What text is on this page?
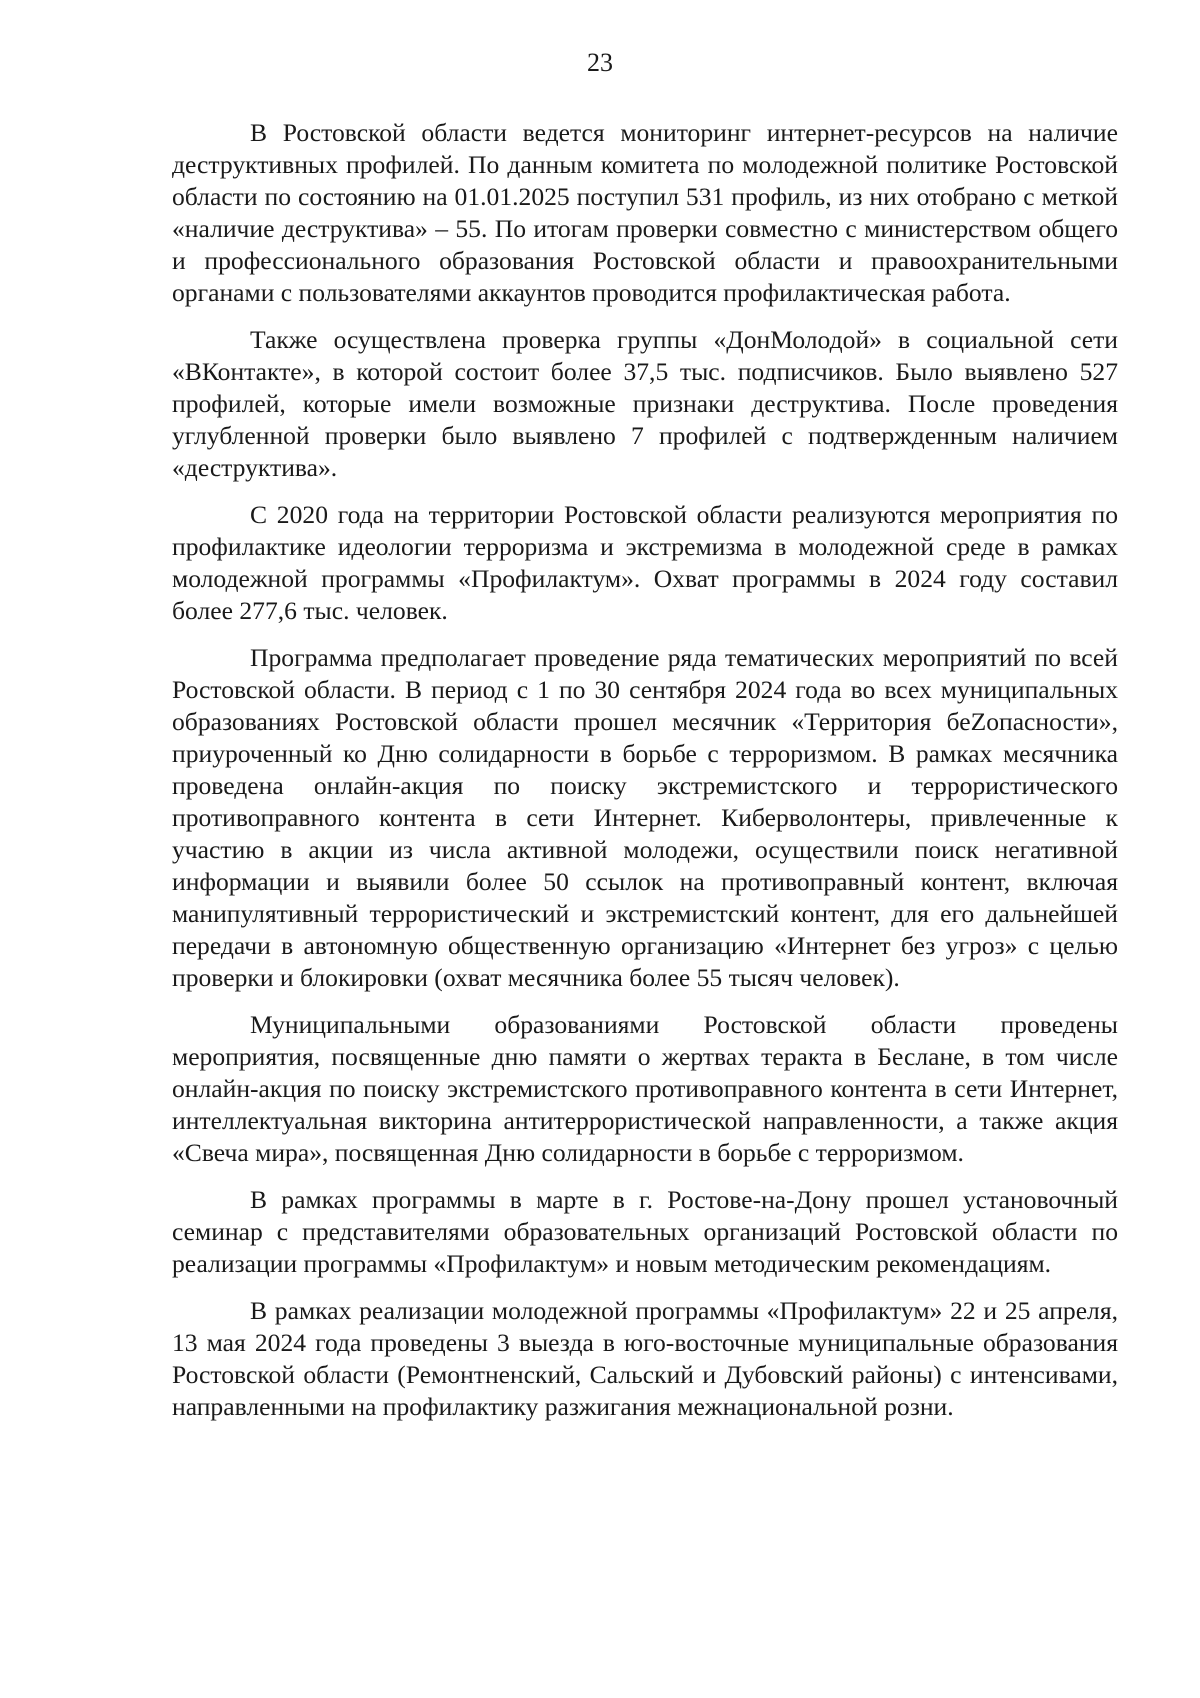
23

В Ростовской области ведется мониторинг интернет-ресурсов на наличие деструктивных профилей. По данным комитета по молодежной политике Ростовской области по состоянию на 01.01.2025 поступил 531 профиль, из них отобрано с меткой «наличие деструктива» – 55. По итогам проверки совместно с министерством общего и профессионального образования Ростовской области и правоохранительными органами с пользователями аккаунтов проводится профилактическая работа.

Также осуществлена проверка группы «ДонМолодой» в социальной сети «ВКонтакте», в которой состоит более 37,5 тыс. подписчиков. Было выявлено 527 профилей, которые имели возможные признаки деструктива. После проведения углубленной проверки было выявлено 7 профилей с подтвержденным наличием «деструктива».

С 2020 года на территории Ростовской области реализуются мероприятия по профилактике идеологии терроризма и экстремизма в молодежной среде в рамках молодежной программы «Профилактум». Охват программы в 2024 году составил более 277,6 тыс. человек.

Программа предполагает проведение ряда тематических мероприятий по всей Ростовской области. В период с 1 по 30 сентября 2024 года во всех муниципальных образованиях Ростовской области прошел месячник «Территория беZопасности», приуроченный ко Дню солидарности в борьбе с терроризмом. В рамках месячника проведена онлайн-акция по поиску экстремистского и террористического противоправного контента в сети Интернет. Киберволонтеры, привлеченные к участию в акции из числа активной молодежи, осуществили поиск негативной информации и выявили более 50 ссылок на противоправный контент, включая манипулятивный террористический и экстремистский контент, для его дальнейшей передачи в автономную общественную организацию «Интернет без угроз» с целью проверки и блокировки (охват месячника более 55 тысяч человек).

Муниципальными образованиями Ростовской области проведены мероприятия, посвященные дню памяти о жертвах теракта в Беслане, в том числе онлайн-акция по поиску экстремистского противоправного контента в сети Интернет, интеллектуальная викторина антитеррористической направленности, а также акция «Свеча мира», посвященная Дню солидарности в борьбе с терроризмом.

В рамках программы в марте в г. Ростове-на-Дону прошел установочный семинар с представителями образовательных организаций Ростовской области по реализации программы «Профилактум» и новым методическим рекомендациям.

В рамках реализации молодежной программы «Профилактум» 22 и 25 апреля, 13 мая 2024 года проведены 3 выезда в юго-восточные муниципальные образования Ростовской области (Ремонтненский, Сальский и Дубовский районы) с интенсивами, направленными на профилактику разжигания межнациональной розни.
